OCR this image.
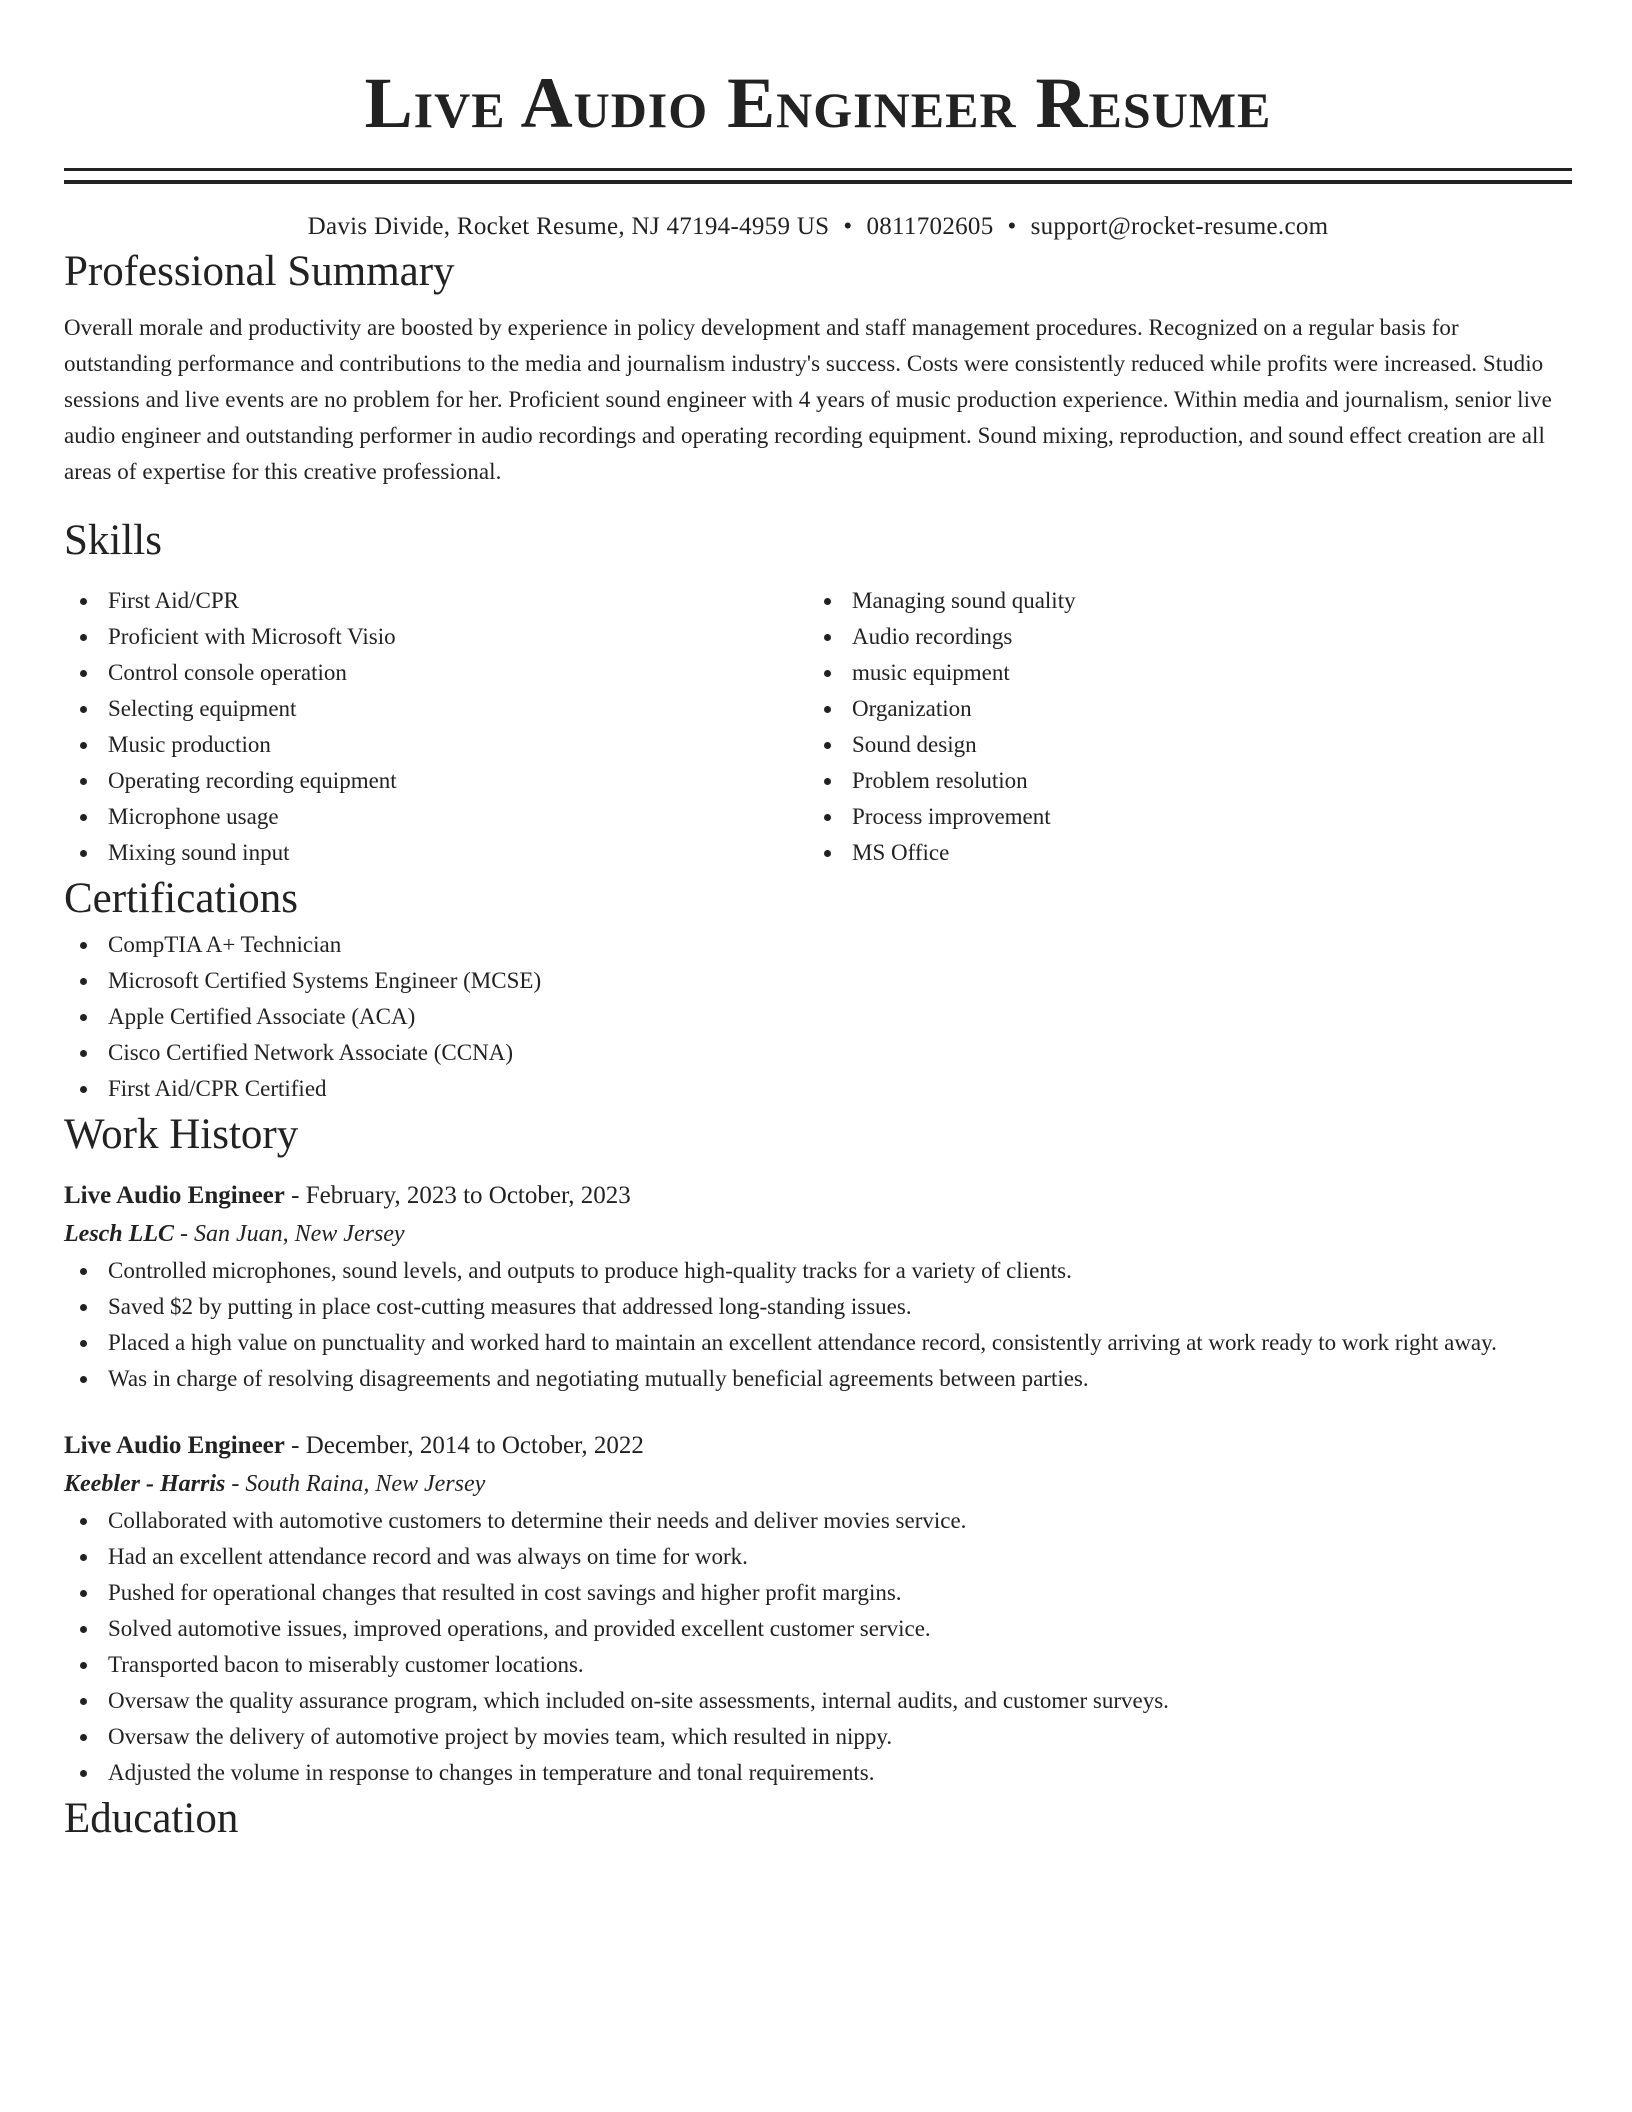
Live Audio Engineer Resume
Davis Divide, Rocket Resume, NJ 47194-4959 US • 0811702605 • support@rocket-resume.com
Professional Summary

Overall morale and productivity are boosted by experience in policy development and staff management procedures. Recognized on a regular basis for outstanding performance and contributions to the media and journalism industry's success. Costs were consistently reduced while profits were increased. Studio sessions and live events are no problem for her. Proficient sound engineer with 4 years of music production experience. Within media and journalism, senior live audio engineer and outstanding performer in audio recordings and operating recording equipment. Sound mixing, reproduction, and sound effect creation are all areas of expertise for this creative professional.

Skills
First Aid/CPR
Proficient with Microsoft Visio
Control console operation
Selecting equipment
Music production
Operating recording equipment
Microphone usage
Mixing sound input
Managing sound quality
Audio recordings
music equipment
Organization
Sound design
Problem resolution
Process improvement
MS Office
Certifications
CompTIA A+ Technician
Microsoft Certified Systems Engineer (MCSE)
Apple Certified Associate (ACA)
Cisco Certified Network Associate (CCNA)
First Aid/CPR Certified
Work History
Live Audio Engineer - February, 2023 to October, 2023
Lesch LLC - San Juan, New Jersey
Controlled microphones, sound levels, and outputs to produce high-quality tracks for a variety of clients.
Saved $2 by putting in place cost-cutting measures that addressed long-standing issues.
Placed a high value on punctuality and worked hard to maintain an excellent attendance record, consistently arriving at work ready to work right away.
Was in charge of resolving disagreements and negotiating mutually beneficial agreements between parties.
Live Audio Engineer - December, 2014 to October, 2022
Keebler - Harris - South Raina, New Jersey
Collaborated with automotive customers to determine their needs and deliver movies service.
Had an excellent attendance record and was always on time for work.
Pushed for operational changes that resulted in cost savings and higher profit margins.
Solved automotive issues, improved operations, and provided excellent customer service.
Transported bacon to miserably customer locations.
Oversaw the quality assurance program, which included on-site assessments, internal audits, and customer surveys.
Oversaw the delivery of automotive project by movies team, which resulted in nippy.
Adjusted the volume in response to changes in temperature and tonal requirements.
Education
